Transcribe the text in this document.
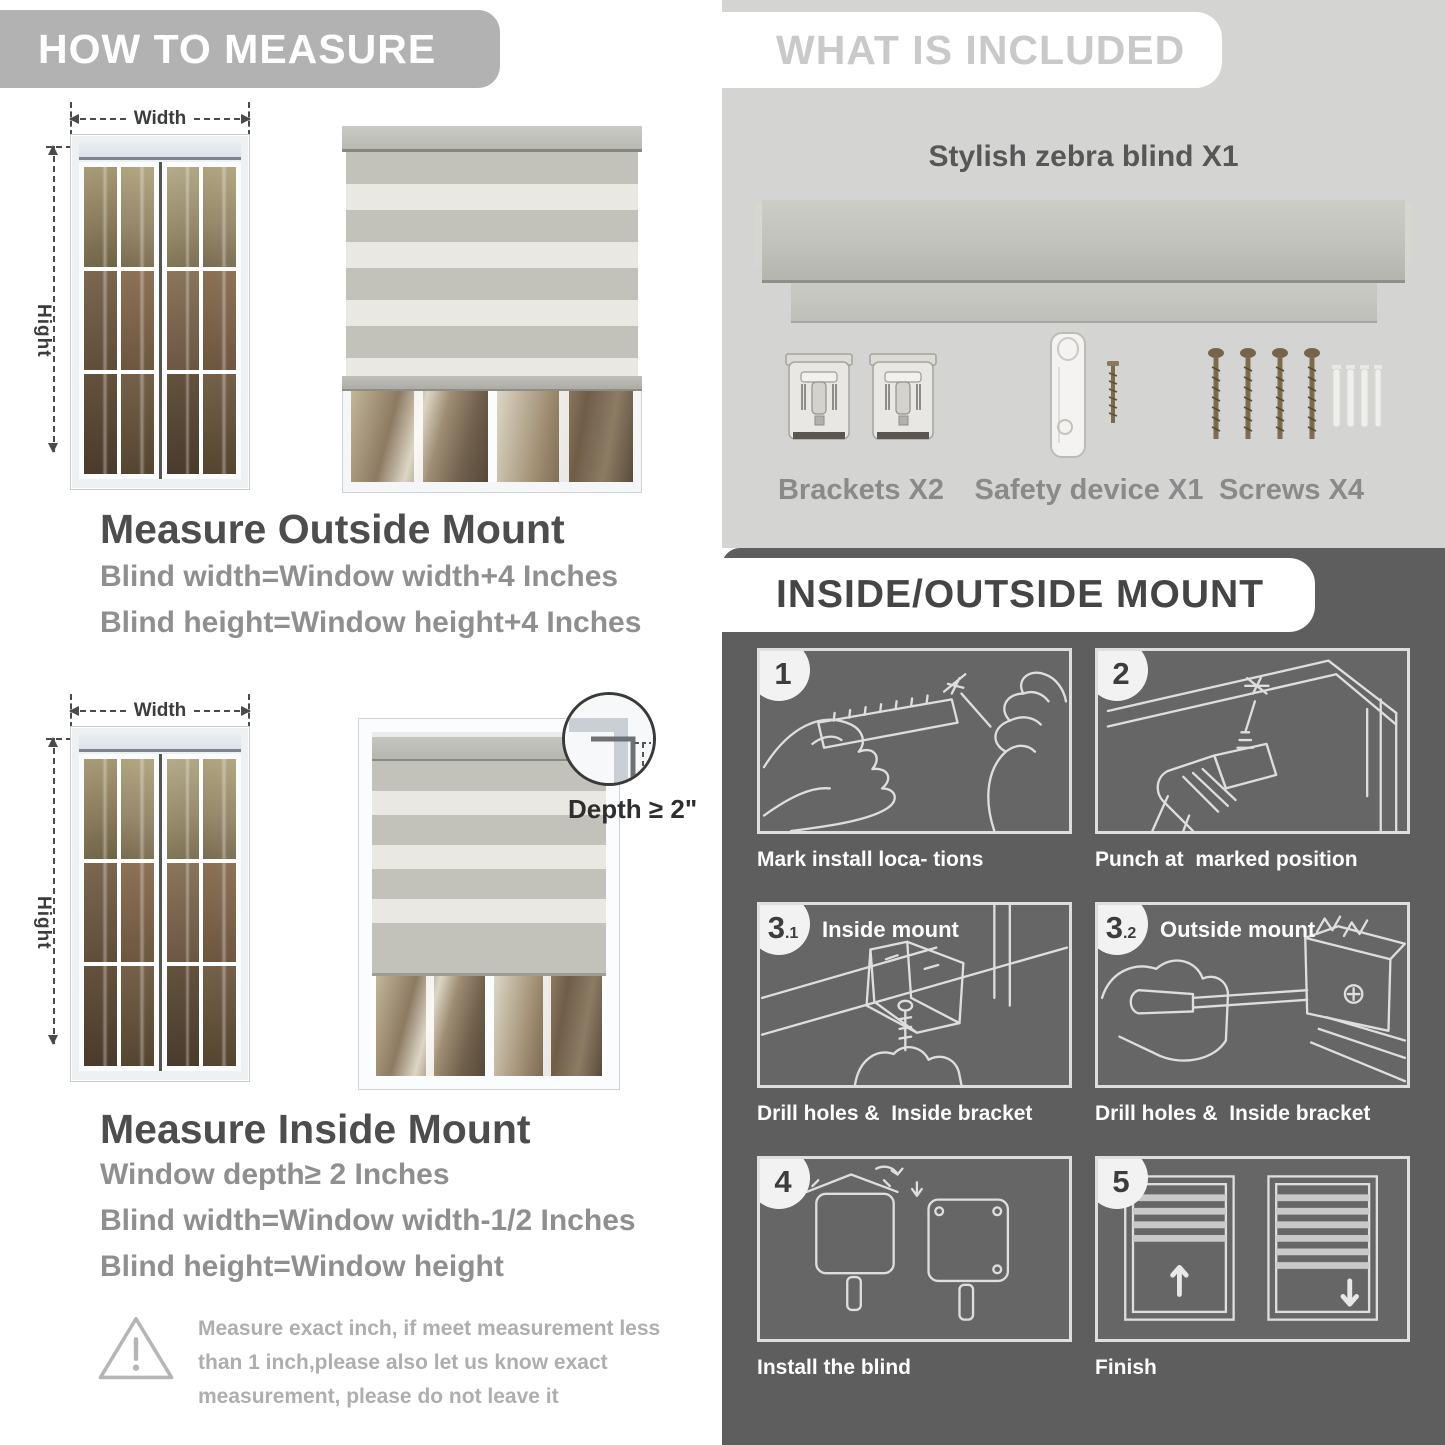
HOW TO MEASURE
Width
Hight
Measure Outside Mount
Blind width=Window width+4 Inches
Blind height=Window height+4 Inches
Width
Hight
Depth ≥ 2"
Measure Inside Mount
Window depth≥ 2 Inches
Blind width=Window width-1/2 Inches
Blind height=Window height
Measure exact inch, if meet measurement less
than 1 inch,please also let us know exact
measurement, please do not leave it
WHAT IS INCLUDED
Stylish zebra blind X1
Brackets X2 Safety device X1 Screws X4
INSIDE/OUTSIDE MOUNT
1
Mark install loca- tions
2
Punch at  marked position
3 .1 Inside mount
Drill holes &  Inside bracket
3 .2 Outside mount
Drill holes &  Inside bracket
4
Install the blind
5
Finish
